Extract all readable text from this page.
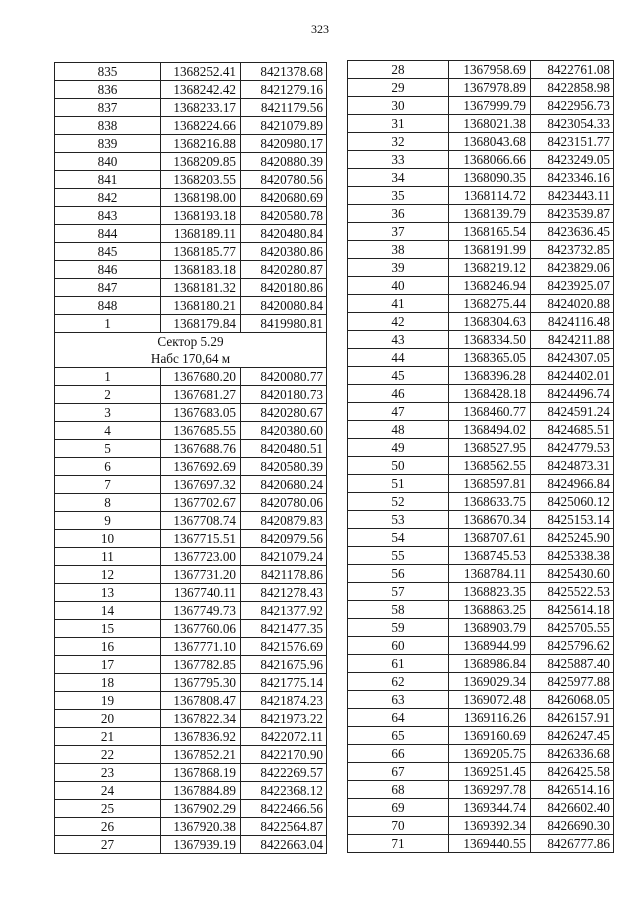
323
835	1368252.41	8421378.68
836	1368242.42	8421279.16
837	1368233.17	8421179.56
838	1368224.66	8421079.89
839	1368216.88	8420980.17
840	1368209.85	8420880.39
841	1368203.55	8420780.56
842	1368198.00	8420680.69
843	1368193.18	8420580.78
844	1368189.11	8420480.84
845	1368185.77	8420380.86
846	1368183.18	8420280.87
847	1368181.32	8420180.86
848	1368180.21	8420080.84
1	1368179.84	8419980.81
Сектор 5.29		
Набс 170,64 м		
1	1367680.20	8420080.77
2	1367681.27	8420180.73
3	1367683.05	8420280.67
4	1367685.55	8420380.60
5	1367688.76	8420480.51
6	1367692.69	8420580.39
7	1367697.32	8420680.24
8	1367702.67	8420780.06
9	1367708.74	8420879.83
10	1367715.51	8420979.56
11	1367723.00	8421079.24
12	1367731.20	8421178.86
13	1367740.11	8421278.43
14	1367749.73	8421377.92
15	1367760.06	8421477.35
16	1367771.10	8421576.69
17	1367782.85	8421675.96
18	1367795.30	8421775.14
19	1367808.47	8421874.23
20	1367822.34	8421973.22
21	1367836.92	8422072.11
22	1367852.21	8422170.90
23	1367868.19	8422269.57
24	1367884.89	8422368.12
25	1367902.29	8422466.56
26	1367920.38	8422564.87
27	1367939.19	8422663.04
28	1367958.69	8422761.08
29	1367978.89	8422858.98
30	1367999.79	8422956.73
31	1368021.38	8423054.33
32	1368043.68	8423151.77
33	1368066.66	8423249.05
34	1368090.35	8423346.16
35	1368114.72	8423443.11
36	1368139.79	8423539.87
37	1368165.54	8423636.45
38	1368191.99	8423732.85
39	1368219.12	8423829.06
40	1368246.94	8423925.07
41	1368275.44	8424020.88
42	1368304.63	8424116.48
43	1368334.50	8424211.88
44	1368365.05	8424307.05
45	1368396.28	8424402.01
46	1368428.18	8424496.74
47	1368460.77	8424591.24
48	1368494.02	8424685.51
49	1368527.95	8424779.53
50	1368562.55	8424873.31
51	1368597.81	8424966.84
52	1368633.75	8425060.12
53	1368670.34	8425153.14
54	1368707.61	8425245.90
55	1368745.53	8425338.38
56	1368784.11	8425430.60
57	1368823.35	8425522.53
58	1368863.25	8425614.18
59	1368903.79	8425705.55
60	1368944.99	8425796.62
61	1368986.84	8425887.40
62	1369029.34	8425977.88
63	1369072.48	8426068.05
64	1369116.26	8426157.91
65	1369160.69	8426247.45
66	1369205.75	8426336.68
67	1369251.45	8426425.58
68	1369297.78	8426514.16
69	1369344.74	8426602.40
70	1369392.34	8426690.30
71	1369440.55	8426777.86
